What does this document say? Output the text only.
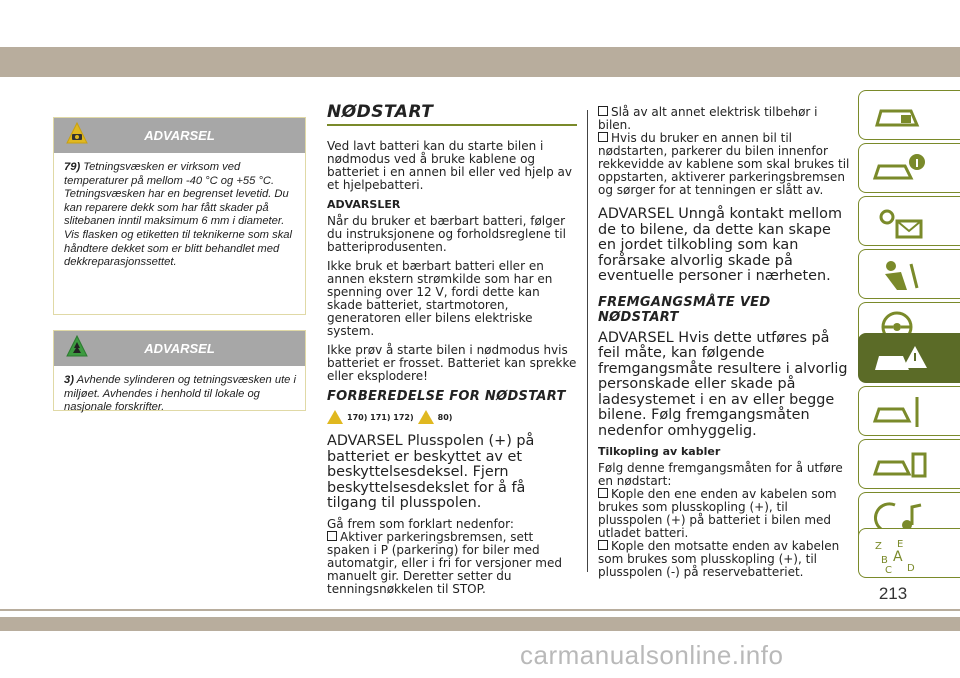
ADVARSEL
79) Tetningsvæsken er virksom ved temperaturer på mellom -40 °C og +55 °C. Tetningsvæsken har en begrenset levetid. Du kan reparere dekk som har fått skader på slitebanen inntil maksimum 6 mm i diameter. Vis flasken og etiketten til teknikerne som skal håndtere dekket som er blitt behandlet med dekkreparasjonssettet.
ADVARSEL
3) Avhende sylinderen og tetningsvæsken ute i miljøet. Avhendes i henhold til lokale og nasjonale forskrifter.
NØDSTART

Ved lavt batteri kan du starte bilen i nødmodus ved å bruke kablene og batteriet i en annen bil eller ved hjelp av et hjelpebatteri.

ADVARSLER

Når du bruker et bærbart batteri, følger du instruksjonene og forholdsreglene til batteriprodusenten.

Ikke bruk et bærbart batteri eller en annen ekstern strømkilde som har en spenning over 12 V, fordi dette kan skade batteriet, startmotoren, generatoren eller bilens elektriske system.

Ikke prøv å starte bilen i nødmodus hvis batteriet er frosset. Batteriet kan sprekke eller eksplodere!

FORBEREDELSE FOR NØDSTART
170) 171) 172)	80)

ADVARSEL Plusspolen (+) på batteriet er beskyttet av et beskyttelsesdeksel. Fjern beskyttelsesdekslet for å få tilgang til plusspolen.

Gå frem som forklart nedenfor:

Aktiver parkeringsbremsen, sett spaken i P (parkering) for biler med automatgir, eller i fri for versjoner med manuelt gir. Deretter setter du tenningsnøkkelen til STOP.

Slå av alt annet elektrisk tilbehør i bilen.

Hvis du bruker en annen bil til nødstarten, parkerer du bilen innenfor rekkevidde av kablene som skal brukes til oppstarten, aktiverer parkeringsbremsen og sørger for at tenningen er slått av.

ADVARSEL Unngå kontakt mellom de to bilene, da dette kan skape en jordet tilkobling som kan forårsake alvorlig skade på eventuelle personer i nærheten.

FREMGANGSMÅTE VED NØDSTART

ADVARSEL Hvis dette utføres på feil måte, kan følgende fremgangsmåte resultere i alvorlig personskade eller skade på ladesystemet i en av eller begge bilene. Følg fremgangsmåten nedenfor omhyggelig.

Tilkopling av kabler

Følg denne fremgangsmåten for å utføre en nødstart:

Kople den ene enden av kabelen som brukes som plusskopling (+), til plusspolen (+) på batteriet i bilen med utladet batteri.

Kople den motsatte enden av kabelen som brukes som plusskopling (+), til plusspolen (-) på reservebatteriet.

Z E
B A
D
C
213
carmanualsonline.info
